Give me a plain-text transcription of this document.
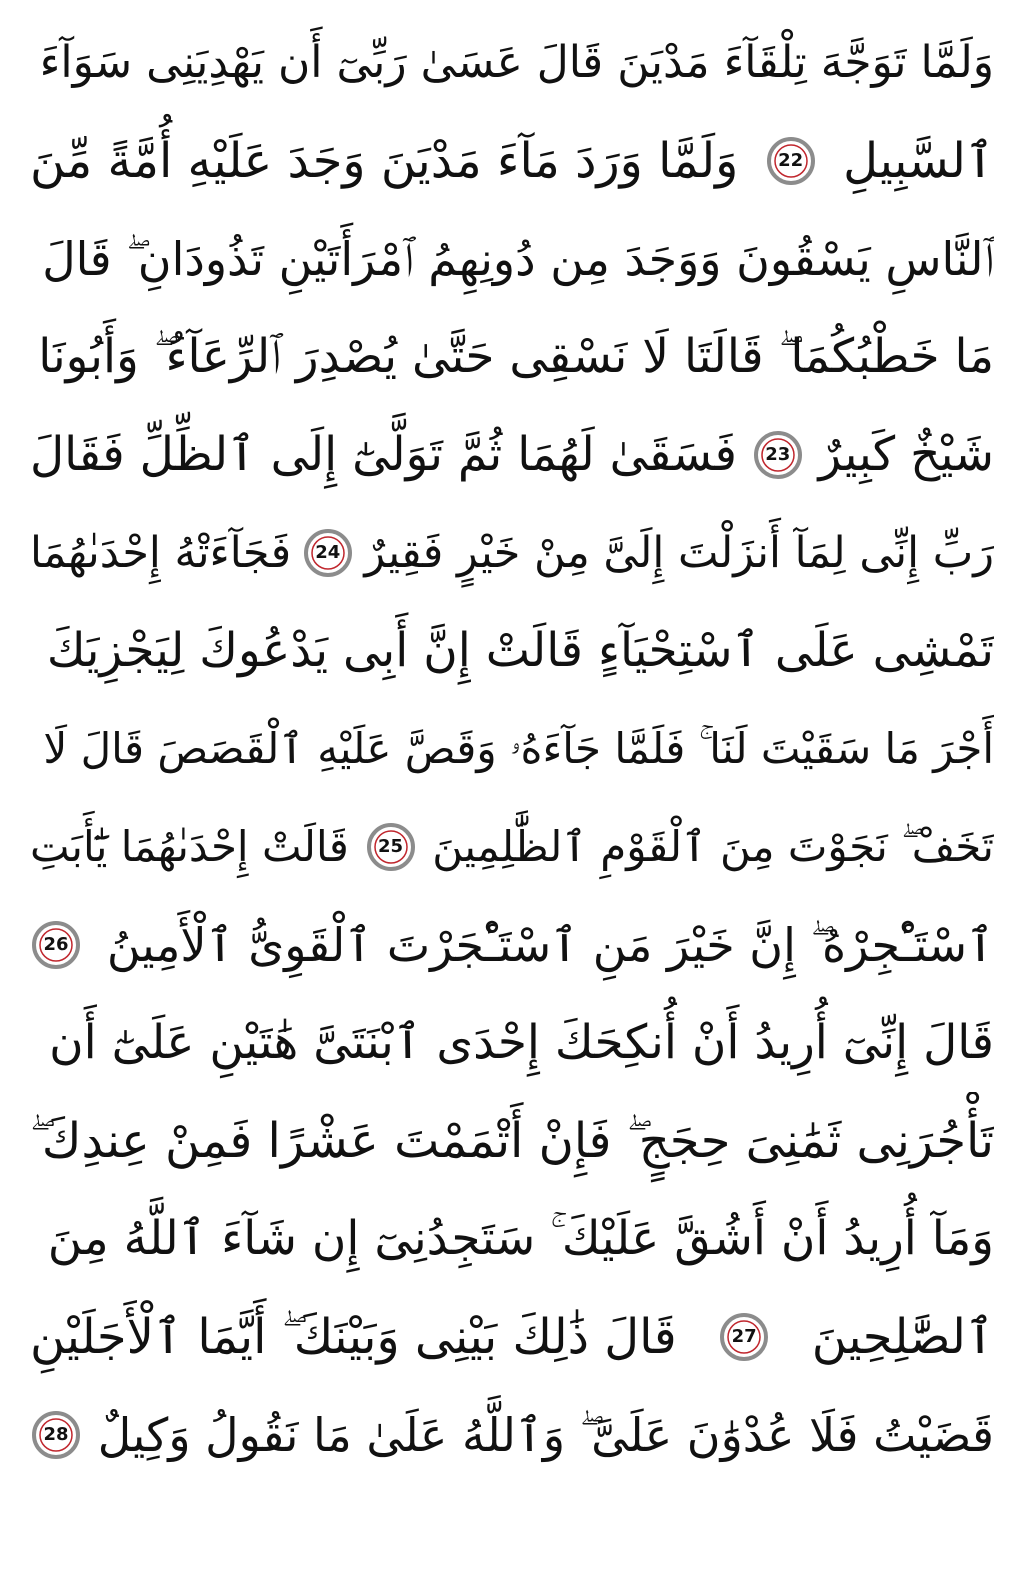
وَلَمَّا تَوَجَّهَ تِلْقَآءَ مَدْيَنَ قَالَ عَسَىٰ رَبِّىٓ أَن يَهْدِيَنِى سَوَآءَ
ٱلسَّبِيلِ
22
وَلَمَّا وَرَدَ مَآءَ مَدْيَنَ وَجَدَ عَلَيْهِ أُمَّةً مِّنَ
ٱلنَّاسِ يَسْقُونَ وَوَجَدَ مِن دُونِهِمُ ٱمْرَأَتَيْنِ تَذُودَانِ ۖ قَالَ
مَا خَطْبُكُمَا ۖ قَالَتَا لَا نَسْقِى حَتَّىٰ يُصْدِرَ ٱلرِّعَآءُ ۖ وَأَبُونَا
شَيْخٌ كَبِيرٌ
23
فَسَقَىٰ لَهُمَا ثُمَّ تَوَلَّىٰٓ إِلَى ٱلظِّلِّ فَقَالَ
رَبِّ إِنِّى لِمَآ أَنزَلْتَ إِلَىَّ مِنْ خَيْرٍ فَقِيرٌ
24
فَجَآءَتْهُ إِحْدَىٰهُمَا
تَمْشِى عَلَى ٱسْتِحْيَآءٍ قَالَتْ إِنَّ أَبِى يَدْعُوكَ لِيَجْزِيَكَ
أَجْرَ مَا سَقَيْتَ لَنَا ۚ فَلَمَّا جَآءَهُۥ وَقَصَّ عَلَيْهِ ٱلْقَصَصَ قَالَ لَا
تَخَفْ ۖ نَجَوْتَ مِنَ ٱلْقَوْمِ ٱلظَّٰلِمِينَ
25
قَالَتْ إِحْدَىٰهُمَا يَٰٓأَبَتِ
ٱسْتَـْٔجِرْهُ ۖ إِنَّ خَيْرَ مَنِ ٱسْتَـْٔجَرْتَ ٱلْقَوِىُّ ٱلْأَمِينُ
26
قَالَ إِنِّىٓ أُرِيدُ أَنْ أُنكِحَكَ إِحْدَى ٱبْنَتَىَّ هَٰتَيْنِ عَلَىٰٓ أَن
تَأْجُرَنِى ثَمَٰنِىَ حِجَجٍ ۖ فَإِنْ أَتْمَمْتَ عَشْرًا فَمِنْ عِندِكَ ۖ
وَمَآ أُرِيدُ أَنْ أَشُقَّ عَلَيْكَ ۚ سَتَجِدُنِىٓ إِن شَآءَ ٱللَّهُ مِنَ
ٱلصَّٰلِحِينَ
27
قَالَ ذَٰلِكَ بَيْنِى وَبَيْنَكَ ۖ أَيَّمَا ٱلْأَجَلَيْنِ
قَضَيْتُ فَلَا عُدْوَٰنَ عَلَىَّ ۖ وَٱللَّهُ عَلَىٰ مَا نَقُولُ وَكِيلٌ
28
